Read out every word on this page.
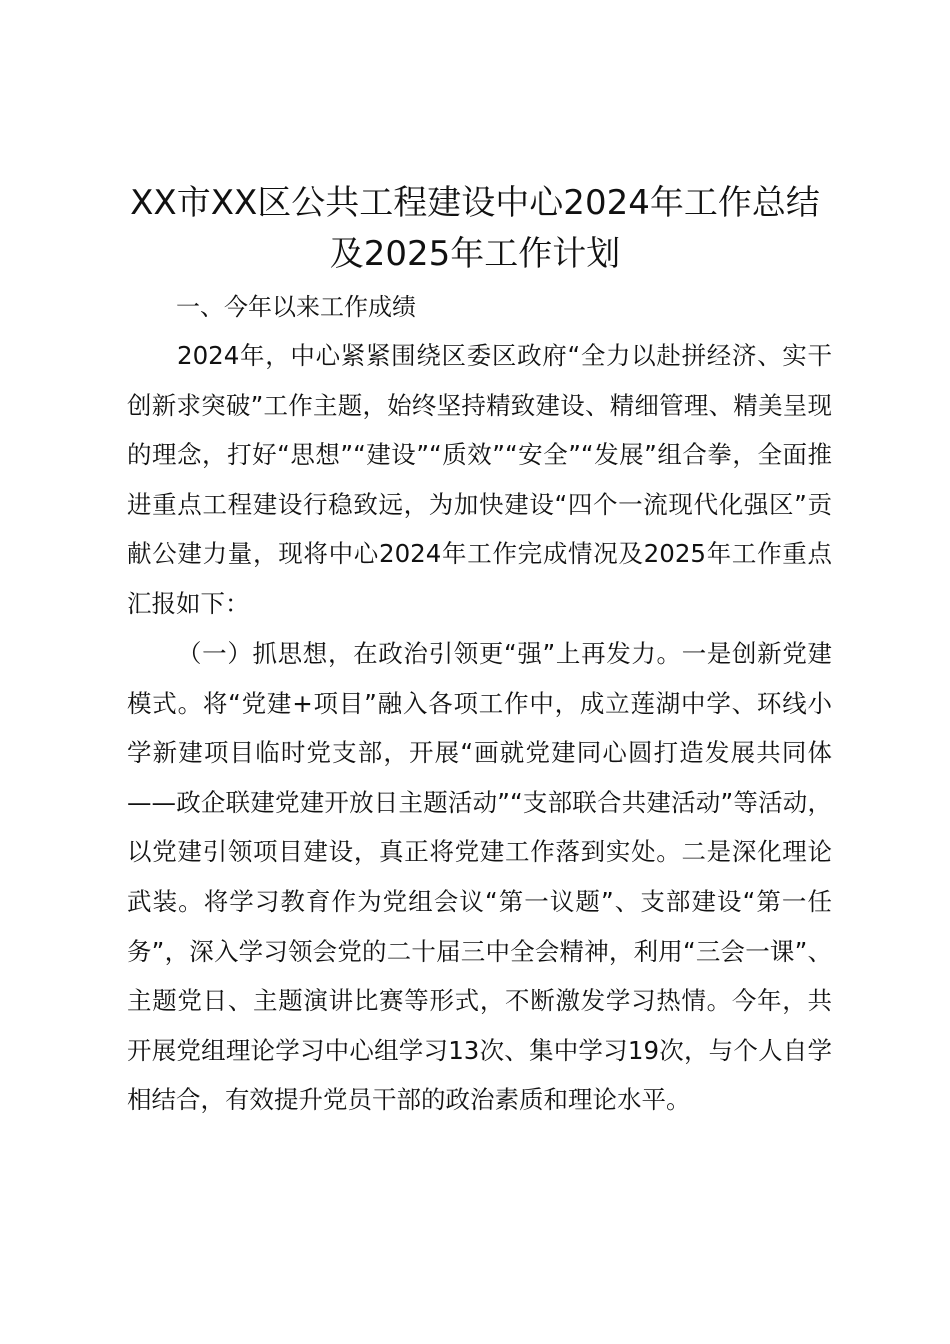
XX市XX区公共工程建设中心2024年工作总结及2025年工作计划

一、今年以来工作成绩

2024年，中心紧紧围绕区委区政府“全力以赴拼经济、实干创新求突破”工作主题，始终坚持精致建设、精细管理、精美呈现的理念，打好“思想”“建设”“质效”“安全”“发展”组合拳，全面推进重点工程建设行稳致远，为加快建设“四个一流现代化强区”贡献公建力量，现将中心2024年工作完成情况及2025年工作重点汇报如下：

（一）抓思想，在政治引领更“强”上再发力。一是创新党建模式。将“党建+项目”融入各项工作中，成立莲湖中学、环线小学新建项目临时党支部，开展“画就党建同心圆打造发展共同体——政企联建党建开放日主题活动”“支部联合共建活动”等活动，以党建引领项目建设，真正将党建工作落到实处。二是深化理论武装。将学习教育作为党组会议“第一议题”、支部建设“第一任务”，深入学习领会党的二十届三中全会精神，利用“三会一课”、主题党日、主题演讲比赛等形式，不断激发学习热情。今年，共开展党组理论学习中心组学习13次、集中学习19次，与个人自学相结合，有效提升党员干部的政治素质和理论水平。
